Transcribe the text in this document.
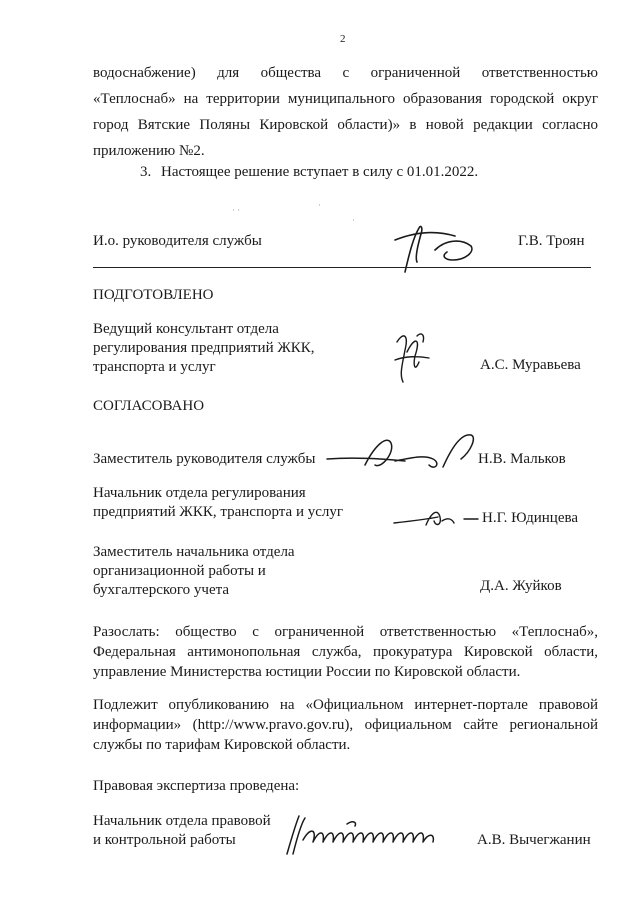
2
водоснабжение) для общества с ограниченной ответственностью
«Теплоснаб» на территории муниципального образования городской округ
город Вятские Поляны Кировской области)» в новой редакции согласно
приложению №2.
3. Настоящее решение вступает в силу с 01.01.2022.
· ·	·
·
И.о. руководителя службы	Г.В. Троян
ПОДГОТОВЛЕНО
Ведущий консультант отдела
регулирования предприятий ЖКК,
транспорта и услуг	А.С. Муравьева
СОГЛАСОВАНО
Заместитель руководителя службы	Н.В. Мальков
Начальник отдела регулирования
предприятий ЖКК, транспорта и услуг	Н.Г. Юдинцева
Заместитель начальника отдела
организационной работы и
бухгалтерского учета	Д.А. Жуйков
Разослать: общество с ограниченной ответственностью «Теплоснаб»,
Федеральная антимонопольная служба, прокуратура Кировской области,
управление Министерства юстиции России по Кировской области.
Подлежит опубликованию на «Официальном интернет-портале правовой
информации» (http://www.pravo.gov.ru), официальном сайте региональной
службы по тарифам Кировской области.
Правовая экспертиза проведена:
Начальник отдела правовой
и контрольной работы	А.В. Вычегжанин
